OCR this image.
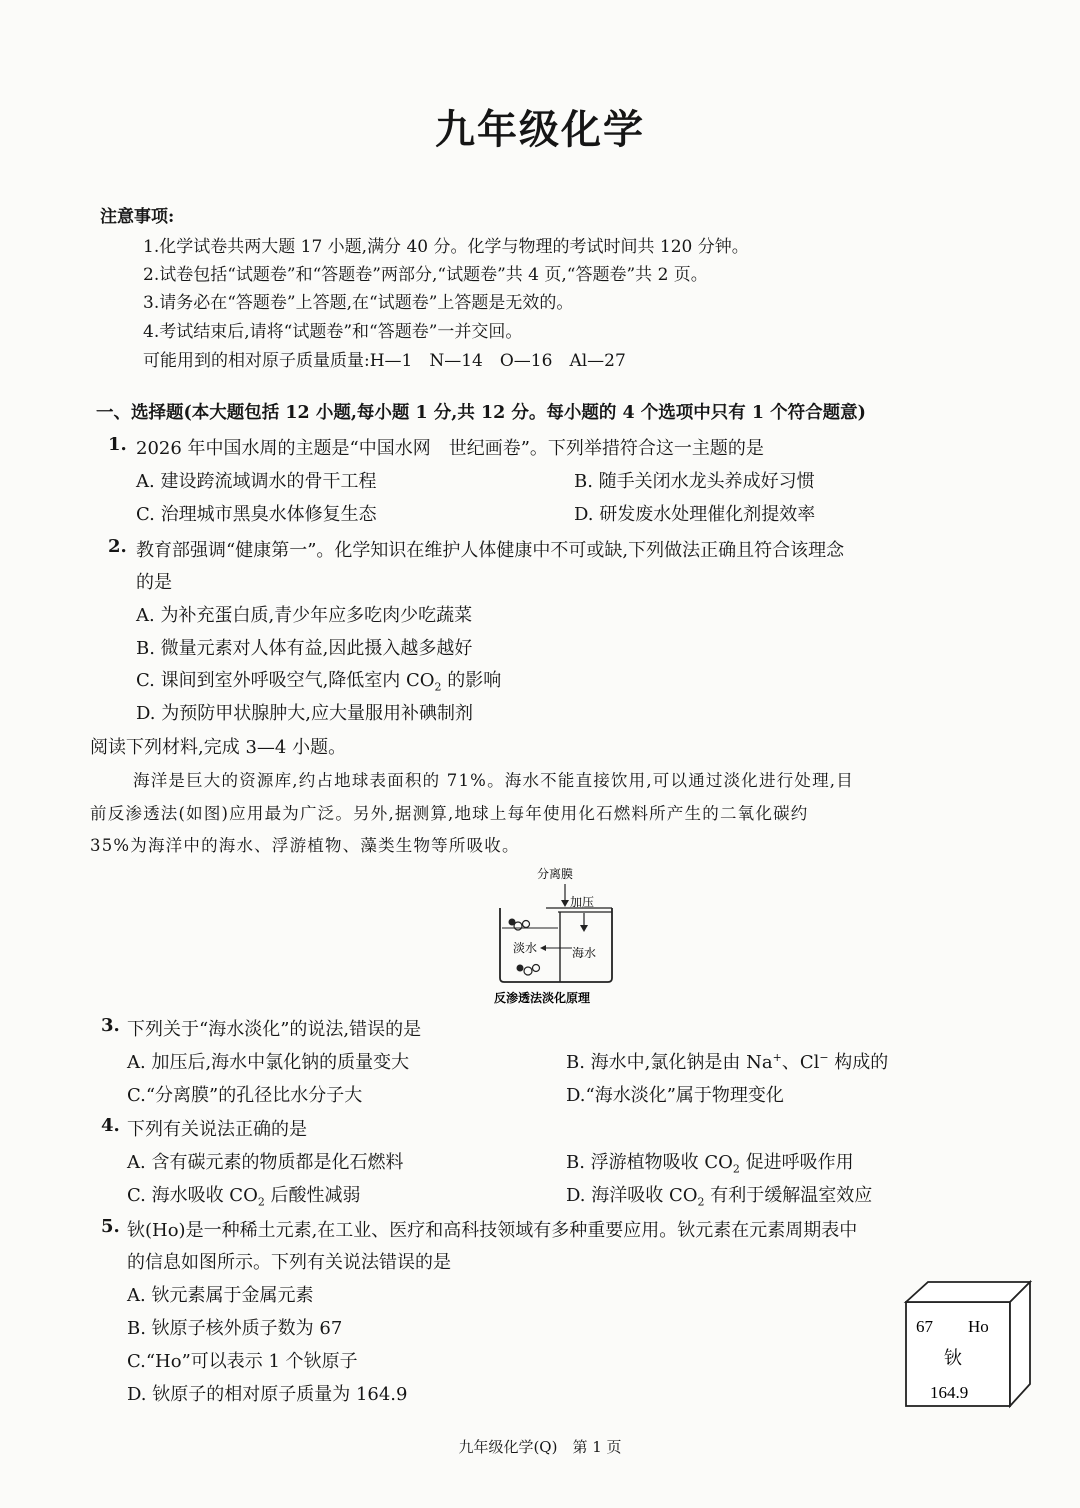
九年级化学
注意事项:
1.化学试卷共两大题 17 小题,满分 40 分。化学与物理的考试时间共 120 分钟。
2.试卷包括“试题卷”和“答题卷”两部分,“试题卷”共 4 页,“答题卷”共 2 页。
3.请务必在“答题卷”上答题,在“试题卷”上答题是无效的。
4.考试结束后,请将“试题卷”和“答题卷”一并交回。
可能用到的相对原子质量质量:H—1　N—14　O—16　Al—27
一、选择题(本大题包括 12 小题,每小题 1 分,共 12 分。每小题的 4 个选项中只有 1 个符合题意)
1. 2026 年中国水周的主题是“中国水网　世纪画卷”。下列举措符合这一主题的是
A. 建设跨流域调水的骨干工程	B. 随手关闭水龙头养成好习惯
C. 治理城市黑臭水体修复生态	D. 研发废水处理催化剂提效率
2. 教育部强调“健康第一”。化学知识在维护人体健康中不可或缺,下列做法正确且符合该理念
的是
A. 为补充蛋白质,青少年应多吃肉少吃蔬菜
B. 微量元素对人体有益,因此摄入越多越好
C. 课间到室外呼吸空气,降低室内 $CO_2$ 的影响
D. 为预防甲状腺肿大,应大量服用补碘制剂
阅读下列材料,完成 3—4 小题。
海洋是巨大的资源库,约占地球表面积的 71%。海水不能直接饮用,可以通过淡化进行处理,目
前反渗透法(如图)应用最为广泛。另外,据测算,地球上每年使用化石燃料所产生的二氧化碳约
35%为海洋中的海水、浮游植物、藻类生物等所吸收。
分离膜
加压
淡水	海水
反渗透法淡化原理
3. 下列关于“海水淡化”的说法,错误的是
A. 加压后,海水中氯化钠的质量变大	B. 海水中,氯化钠是由 Na+、Cl− 构成的
C.“分离膜”的孔径比水分子大	D.“海水淡化”属于物理变化
4. 下列有关说法正确的是
A. 含有碳元素的物质都是化石燃料	B. 浮游植物吸收 $CO_2$ 促进呼吸作用
C. 海水吸收 $CO_2$ 后酸性减弱	D. 海洋吸收 $CO_2$ 有利于缓解温室效应
5. 钬(Ho)是一种稀土元素,在工业、医疗和高科技领域有多种重要应用。钬元素在元素周期表中
的信息如图所示。下列有关说法错误的是
A. 钬元素属于金属元素
B. 钬原子核外质子数为 67
C.“Ho”可以表示 1 个钬原子
D. 钬原子的相对原子质量为 164.9
67 Ho
钬
164.9
九年级化学(Q)　第 1 页
